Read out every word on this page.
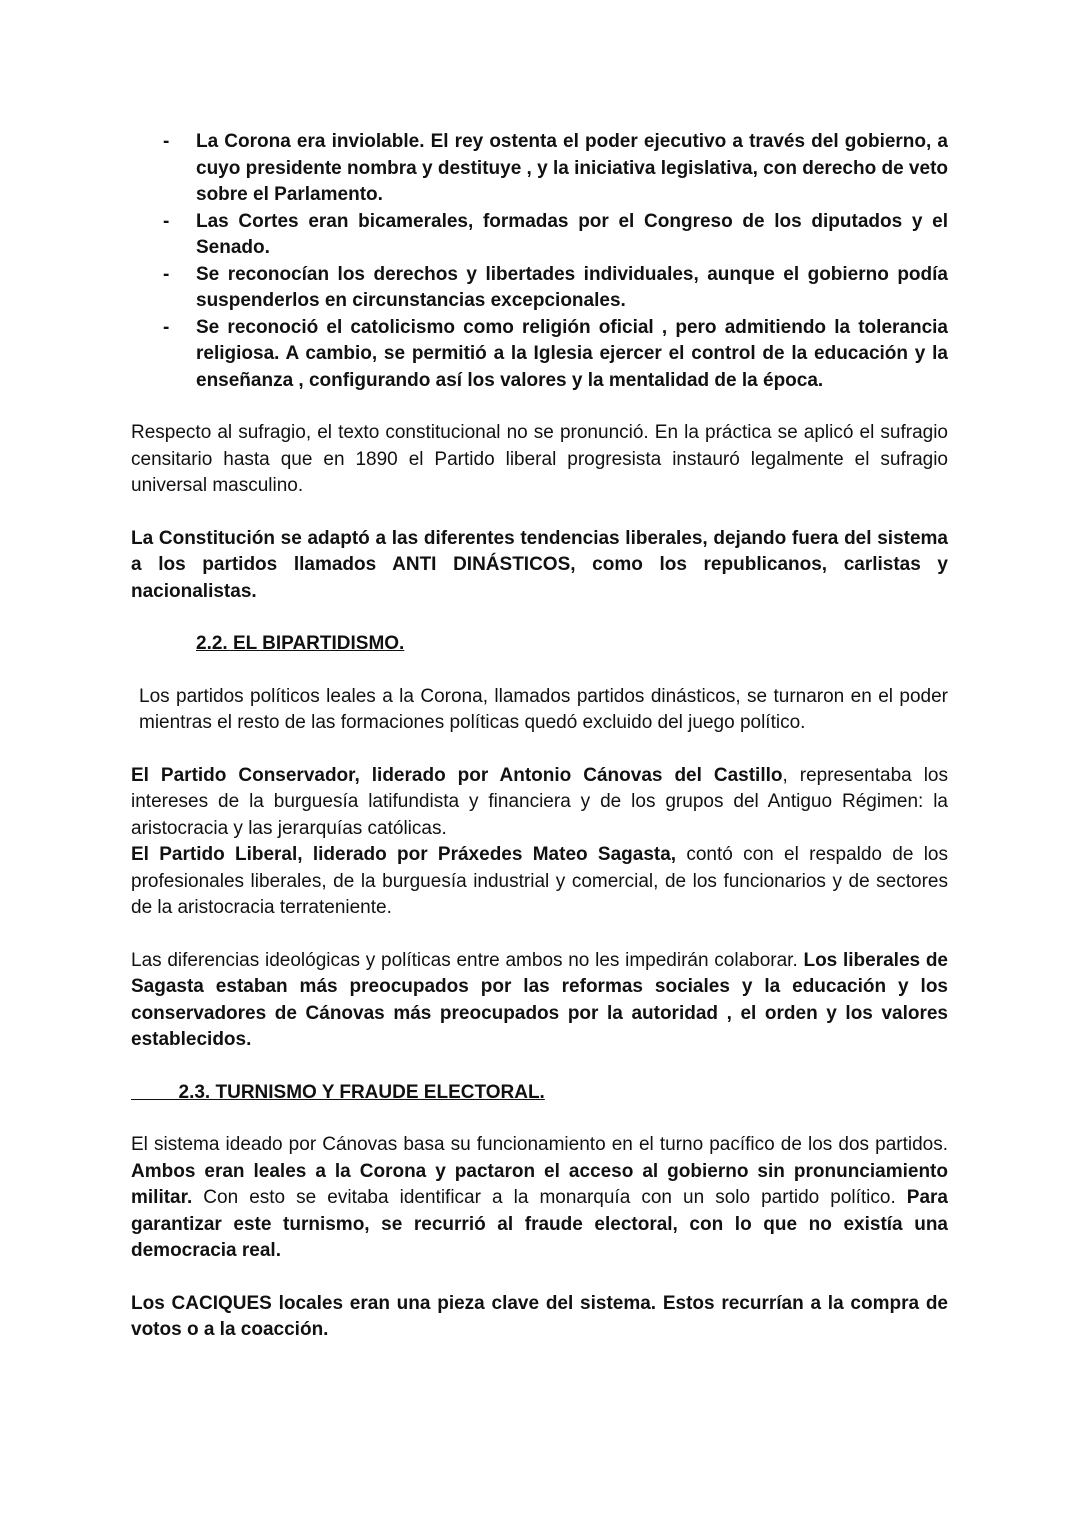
- La Corona era inviolable. El rey ostenta el poder ejecutivo a través del gobierno, a cuyo presidente nombra y destituye , y la iniciativa legislativa, con derecho de veto sobre el Parlamento.
- Las Cortes eran bicamerales, formadas por el Congreso de los diputados y el Senado.
- Se reconocían los derechos y libertades individuales, aunque el gobierno podía suspenderlos en circunstancias excepcionales.
- Se reconoció el catolicismo como religión oficial , pero admitiendo la tolerancia religiosa. A cambio, se permitió a la Iglesia ejercer el control de la educación y la enseñanza , configurando así los valores y la mentalidad de la época.

Respecto al sufragio, el texto constitucional no se pronunció. En la práctica se aplicó el sufragio censitario hasta que en 1890 el Partido liberal progresista instauró legalmente el sufragio universal masculino.

La Constitución se adaptó a las diferentes tendencias liberales, dejando fuera del sistema a los partidos llamados ANTI DINÁSTICOS, como los republicanos, carlistas y nacionalistas.

2.2. EL BIPARTIDISMO.

Los partidos políticos leales a la Corona, llamados partidos dinásticos, se turnaron en el poder mientras el resto de las formaciones políticas quedó excluido del juego político.

El Partido Conservador, liderado por Antonio Cánovas del Castillo, representaba los intereses de la burguesía latifundista y financiera y de los grupos del Antiguo Régimen: la aristocracia y las jerarquías católicas.

El Partido Liberal, liderado por Práxedes Mateo Sagasta, contó con el respaldo de los profesionales liberales, de la burguesía industrial y comercial, de los funcionarios y de sectores de la aristocracia terrateniente.

Las diferencias ideológicas y políticas entre ambos no les impedirán colaborar. Los liberales de Sagasta estaban más preocupados por las reformas sociales y la educación y los conservadores de Cánovas más preocupados por la autoridad , el orden y los valores establecidos.

2.3. TURNISMO Y FRAUDE ELECTORAL.

El sistema ideado por Cánovas basa su funcionamiento en el turno pacífico de los dos partidos. Ambos eran leales a la Corona y pactaron el acceso al gobierno sin pronunciamiento militar. Con esto se evitaba identificar a la monarquía con un solo partido político. Para garantizar este turnismo, se recurrió al fraude electoral, con lo que no existía una democracia real.

Los CACIQUES locales eran una pieza clave del sistema. Estos recurrían a la compra de votos o a la coacción.
